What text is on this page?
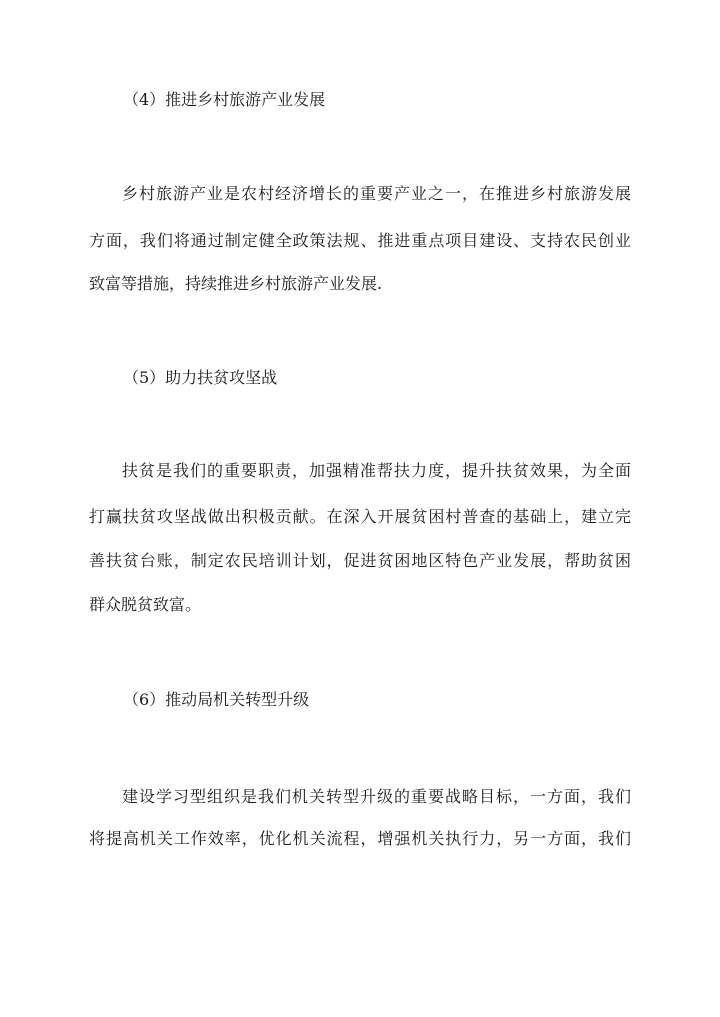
（4）推进乡村旅游产业发展
乡村旅游产业是农村经济增长的重要产业之一，在推进乡村旅游发展
方面，我们将通过制定健全政策法规、推进重点项目建设、支持农民创业
致富等措施，持续推进乡村旅游产业发展.
（5）助力扶贫攻坚战
扶贫是我们的重要职责，加强精准帮扶力度，提升扶贫效果，为全面
打赢扶贫攻坚战做出积极贡献。在深入开展贫困村普查的基础上，建立完
善扶贫台账，制定农民培训计划，促进贫困地区特色产业发展，帮助贫困
群众脱贫致富。
（6）推动局机关转型升级
建设学习型组织是我们机关转型升级的重要战略目标，一方面，我们
将提高机关工作效率，优化机关流程，增强机关执行力，另一方面，我们
